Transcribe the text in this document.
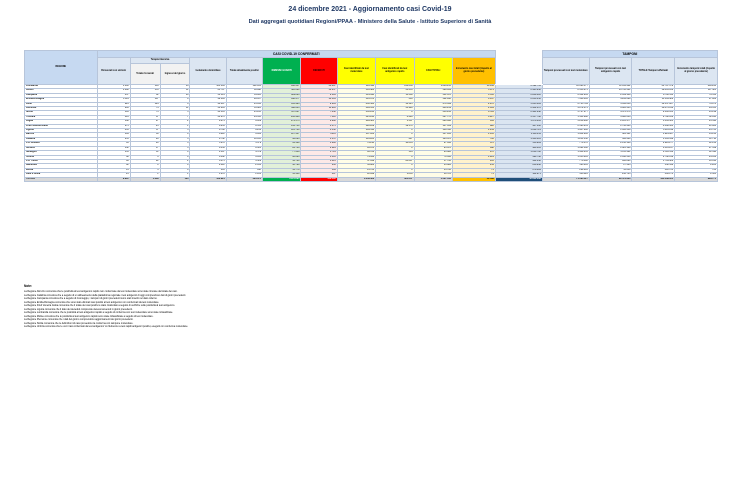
24 dicembre 2021 - Aggiornamento casi Covid-19
Dati aggregati quotidiani Regioni/PPAA - Ministero della Salute - Istituto Superiore di Sanità
REGIONE	CASI COVID-19 CONFERMATI												TAMPONI			
	Ricoverati con sintomi	Terapia intensiva		Isolamento domiciliare	Totale attualmente positivi	DIMESSI/ GUARITI	DECEDUTI	Casi identificati da test molecolare	Casi identificati da test antigenico rapido	CASI TOTALI	Incremento casi totali (rispetto al giorno precedente)		Tamponi processati con test molecolare	Tamponi processati con test antigenico rapido	TOTALE Tamponi effettuati	Incremento tamponi totali (rispetto al giorno precedente)
		Totale ricoverati	Ingressi del giorno													
Lombardia	1.400	163	16	101.383	102.951	910.417	34.467	911.596	136.659	1.048.255	16.044	6.594.741	12.693.177	11.054.202	23.747.379	208.238
Veneto	1.098	153	11	65.747	66.998	520.684	12.257	563.486	36.453	599.939	5.074	2.425.238	8.136.675	10.706.361	18.843.036	117.520
Campania	457	32	10	33.514	34.003	489.083	8.394	519.690	11.568	531.478	3.563	2.809.418	6.162.964	2.619.149	8.782.113	79.556
Emilia-Romagna	1.119	107	4	48.393	49.657	438.477	14.104	501.670	518	502.188	3.047	2.056.352	7.120.383	4.264.099	11.384.482	47.902
Lazio	823	124	6	44.407	45.454	415.993	9.204	458.524	12.125	470.649	2.478	5.045.484	6.725.789	5.612.018	12.337.807	79.871
Piemonte	906	74	11	34.643	35.623	396.645	11.991	389.351	54.928	444.259	4.609	2.952.478	4.072.473	6.803.343	10.876.016	94.355
Sicilia	591	73	5	24.501	25.165	317.667	7.458	350.234	0	350.234	2.311	2.921.648	3.727.277	4.373.374	8.100.651	43.199
Toscana	416	67	7	23.870	24.353	295.906	7.518	321.246	6.428	327.770	3.227	3.557.768	5.311.998	3.480.036	8.792.032	52.095
Puglia	168	27	2	9.274	9.469	274.575	6.948	289.425	1.567	290.992	664	1.676.463	3.239.848	2.123.477	5.363.325	45.548
Friuli Venezia Giulia	275	25	1	8.253	8.553	134.714	4.175	128.269	19.170	147.439	828	947.362	2.595.231	1.793.200	4.388.431	21.924
Liguria	435	37	5	8.760	9.232	125.734	4.558	139.516	0	139.516	1.459	1.019.721	1.947.840	1.463.359	3.411.199	23.765
Marche	184	38	4	6.612	6.834	127.137	3.211	137.182	0	137.182	1.103	1.116.454	1.602.846	322.121	1.924.967	14.134
Calabria	255	28	3	9.732	10.015	92.083	1.572	103.223	447	103.670	706	1.306.316	1.231.158	362.260	1.593.418	11.710
P.A. Bolzano	81	20	3	5.278	5.379	91.169	1.296	79.210	18.634	97.844	370	556.989	770.178	2.156.109	2.926.277	12.132
Abruzzo	132	17	3	8.156	8.305	84.736	2.629	95.670	0	95.670	698	980.403	1.691.108	1.625.129	3.316.237	27.549
Sardegna	131	11	4	4.587	4.729	77.438	1.719	83.782	104	83.886	478	1.218.792	1.469.635	1.115.481	2.585.116	12.598
Umbria	68	6	0	6.362	6.436	66.693	1.501	74.632	0	74.632	1.229	490.742	1.315.685	1.446.334	2.762.019	24.652
P.A. Trento	96	22	2	3.471	3.589	52.704	1.413	37.099	20.607	57.706	403	444.358	770.492	993.894	1.764.386	10.616
Basilicata	42	0	0	2.412	2.454	30.798	636	33.882	0	33.882	254	258.840	595.043	27.503	532.546	2.284
Molise	13	3	0	403	418	14.779	509	15.706	0	15.706	74	278.489	299.695	13.050	312.725	791
Valle d'Aosta	25	1	1	1.078	1.104	13.134	487	12.849	1.836	14.725	74	104.971	123.426	216.745	340.171	2.303
TOTALE	8.812	1.038	103	450.824	460.674	4.970.694	136.565	5.246.582	321.057	5.567.644	50.599	40.062.688	71.595.127	62.573.224	134.168.351	929.775
Note:
La Regione Abruzzo comunica che le positività al test antigenico rapido non confermate da test molecolare sono state rimosse dal totale dei casi.
La Regione Calabria comunica che a seguito di un allineamento della piattaforma regionale i test antigenici di oggi comprendono dati di giorni precedenti.
La Regione Campania comunica che a seguito di riconteggio, i tamponi di giorni precedenti sono stati inseriti nel dato odierno.
La Regione Emilia-Romagna comunica che sono stati eliminati casi positivi al test antigenico non confermati da test molecolare.
La Regione Friuli Venezia Giulia comunica che il totale dei casi positivi è stato ricalcolato a seguito di verifiche sulle positività al test antigenico.
La Regione Liguria comunica che il dato dei deceduti comprende decessi avvenuti in giorni precedenti.
La Regione Lombardia comunica che le positività al test antigenico rapido a seguito di conferma con test molecolare sono state riclassificate.
La Regione Molise comunica che le positività al test antigenico rapido sono state riclassificate a seguito di test molecolare.
La Regione Piemonte comunica che i dati del giorno comprendono aggiornamenti dei giorni precedenti.
La Regione Sicilia comunica che le definizioni di caso prevedono la conferma con tampone molecolare.
La Regione Umbria comunica che le voci 'casi confermati da test antigenico' si riferiscono a test rapidi antigenici positivi, eseguiti con conferma molecolare.
